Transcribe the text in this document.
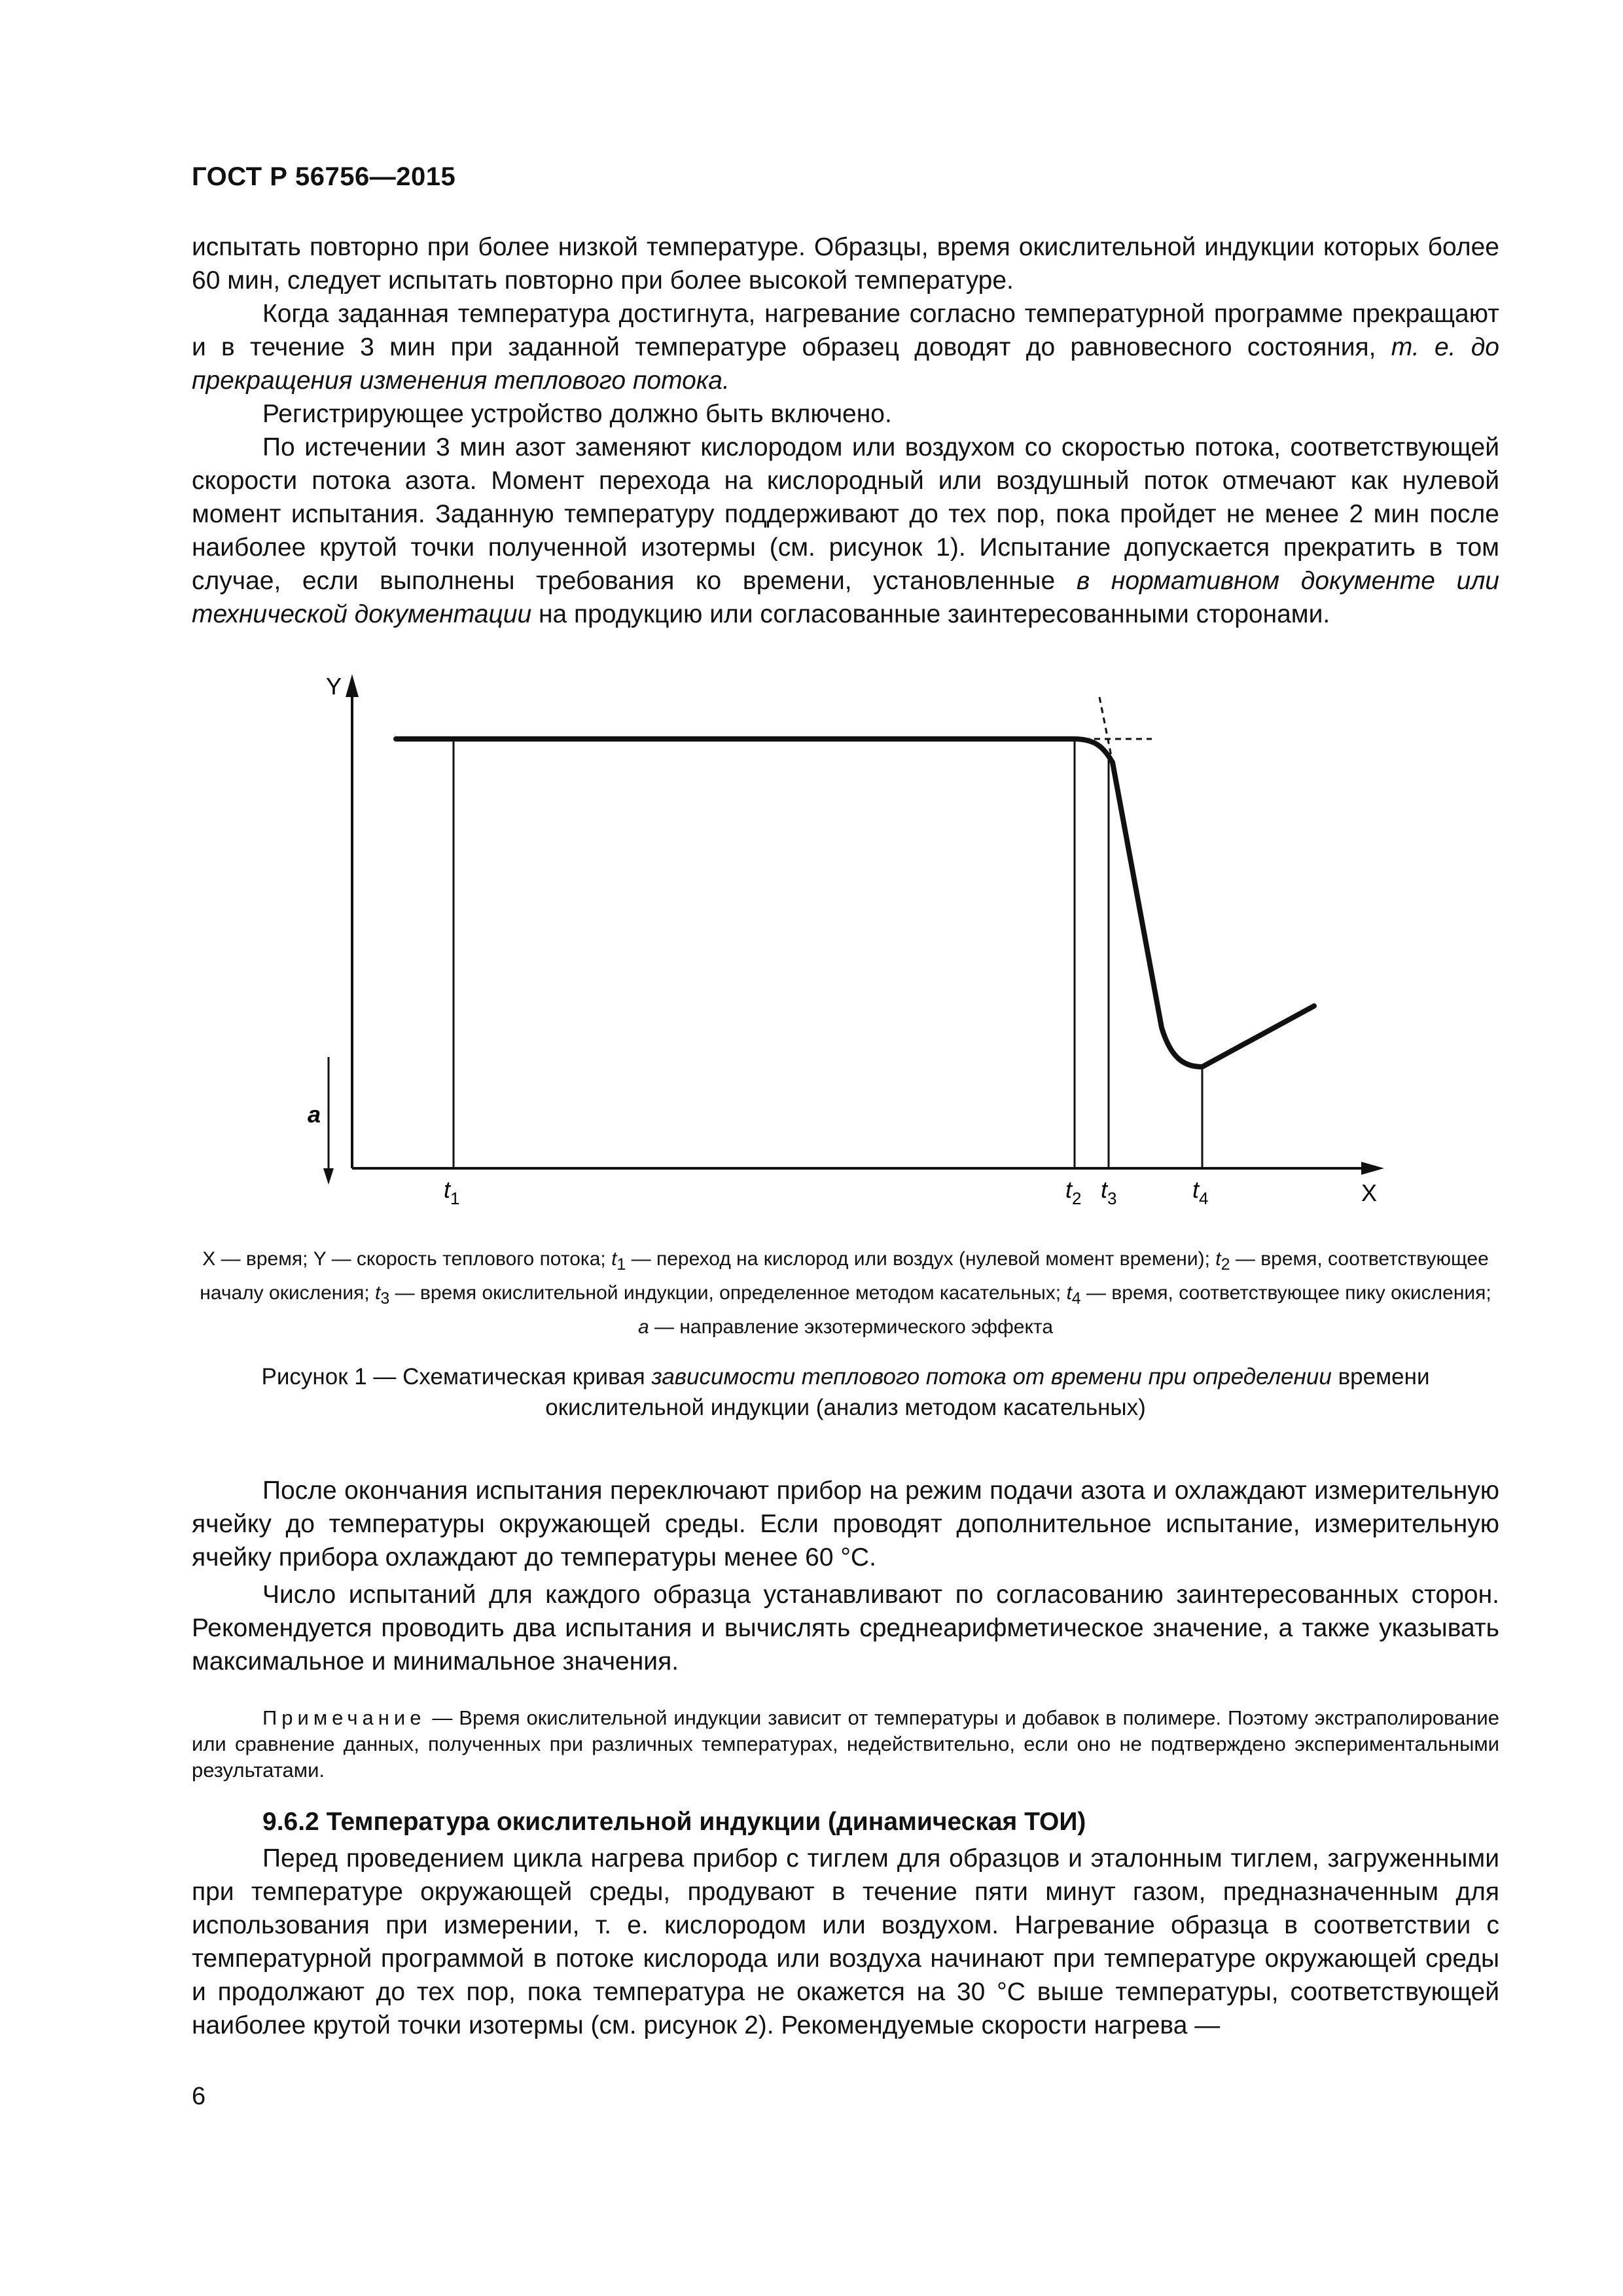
ГОСТ Р 56756—2015

испытать повторно при более низкой температуре. Образцы, время окислительной индукции которых более 60 мин, следует испытать повторно при более высокой температуре.

Когда заданная температура достигнута, нагревание согласно температурной программе прекращают и в течение 3 мин при заданной температуре образец доводят до равновесного состояния, т. е. до прекращения изменения теплового потока.

Регистрирующее устройство должно быть включено.

По истечении 3 мин азот заменяют кислородом или воздухом со скоростью потока, соответствующей скорости потока азота. Момент перехода на кислородный или воздушный поток отмечают как нулевой момент испытания. Заданную температуру поддерживают до тех пор, пока пройдет не менее 2 мин после наиболее крутой точки полученной изотермы (см. рисунок 1). Испытание допускается прекратить в том случае, если выполнены требования ко времени, установленные в нормативном документе или технической документации на продукцию или согласованные заинтересованными сторонами.

Y
X
a
$t_1$	$t_2$ $t_3$	$t_4$
X — время; Y — скорость теплового потока; $t_1$ — переход на кислород или воздух (нулевой момент времени); $t_2$ — время, соответствующее началу окисления; $t_3$ — время окислительной индукции, определенное методом касательных; $t_4$ — время, соответствующее пику окисления; a — направление экзотермического эффекта
Рисунок 1 — Схематическая кривая зависимости теплового потока от времени при определении времени окислительной индукции (анализ методом касательных)

После окончания испытания переключают прибор на режим подачи азота и охлаждают измерительную ячейку до температуры окружающей среды. Если проводят дополнительное испытание, измерительную ячейку прибора охлаждают до температуры менее 60 °C.

Число испытаний для каждого образца устанавливают по согласованию заинтересованных сторон. Рекомендуется проводить два испытания и вычислять среднеарифметическое значение, а также указывать максимальное и минимальное значения.

Примечание — Время окислительной индукции зависит от температуры и добавок в полимере. Поэтому экстраполирование или сравнение данных, полученных при различных температурах, недействительно, если оно не подтверждено экспериментальными результатами.
9.6.2 Температура окислительной индукции (динамическая ТОИ)

Перед проведением цикла нагрева прибор с тиглем для образцов и эталонным тиглем, загруженными при температуре окружающей среды, продувают в течение пяти минут газом, предназначенным для использования при измерении, т. е. кислородом или воздухом. Нагревание образца в соответствии с температурной программой в потоке кислорода или воздуха начинают при температуре окружающей среды и продолжают до тех пор, пока температура не окажется на 30 °C выше температуры, соответствующей наиболее крутой точки изотермы (см. рисунок 2). Рекомендуемые скорости нагрева —

6
